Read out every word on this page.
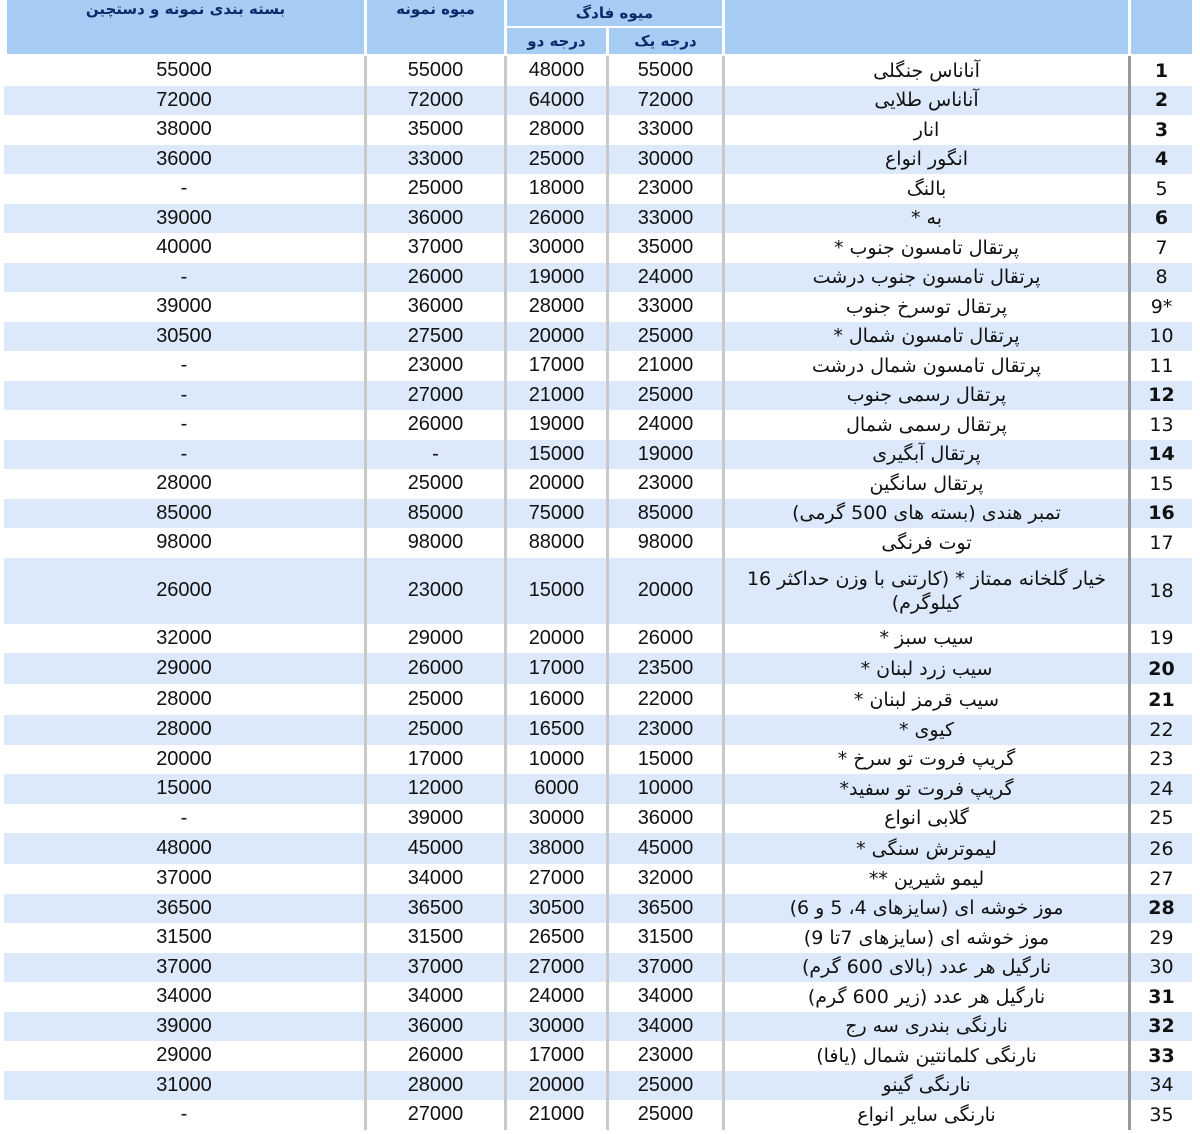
		میوه فادگ		میوه نمونه	بسته بندی نمونه و دستچین
		درجه یک	درجه دو		
1	آناناس جنگلی	55000	48000	55000	55000
2	آناناس طلایی	72000	64000	72000	72000
3	انار	33000	28000	35000	38000
4	انگور انواع	30000	25000	33000	36000
5	بالنگ	23000	18000	25000	-
6	به *	33000	26000	36000	39000
7	پرتقال تامسون جنوب *	35000	30000	37000	40000
8	پرتقال تامسون جنوب درشت	24000	19000	26000	-
*9	پرتقال توسرخ جنوب	33000	28000	36000	39000
10	پرتقال تامسون شمال *	25000	20000	27500	30500
11	پرتقال تامسون شمال درشت	21000	17000	23000	-
12	پرتقال رسمی جنوب	25000	21000	27000	-
13	پرتقال رسمی شمال	24000	19000	26000	-
14	پرتقال آبگیری	19000	15000	-	-
15	پرتقال سانگین	23000	20000	25000	28000
16	تمبر هندی (بسته های 500 گرمی)	85000	75000	85000	85000
17	توت فرنگی	98000	88000	98000	98000
18	خیار گلخانه ممتاز * (کارتنی با وزن حداکثر 16 کیلوگرم)	20000	15000	23000	26000
19	سیب سبز *	26000	20000	29000	32000
20	سیب زرد لبنان *	23500	17000	26000	29000
21	سیب قرمز لبنان *	22000	16000	25000	28000
22	کیوی *	23000	16500	25000	28000
23	گریپ فروت تو سرخ *	15000	10000	17000	20000
24	گریپ فروت تو سفید*	10000	6000	12000	15000
25	گلابی انواع	36000	30000	39000	-
26	لیموترش سنگی *	45000	38000	45000	48000
27	لیمو شیرین **	32000	27000	34000	37000
28	موز خوشه ای (سایزهای 4، 5 و 6)	36500	30500	36500	36500
29	موز خوشه ای (سایزهای 7تا 9)	31500	26500	31500	31500
30	نارگیل هر عدد (بالای 600 گرم)	37000	27000	37000	37000
31	نارگیل هر عدد (زیر 600 گرم)	34000	24000	34000	34000
32	نارنگی بندری سه رج	34000	30000	36000	39000
33	نارنگی کلمانتین شمال (یافا)	23000	17000	26000	29000
34	نارنگی گینو	25000	20000	28000	31000
35	نارنگی سایر انواع	25000	21000	27000	-
